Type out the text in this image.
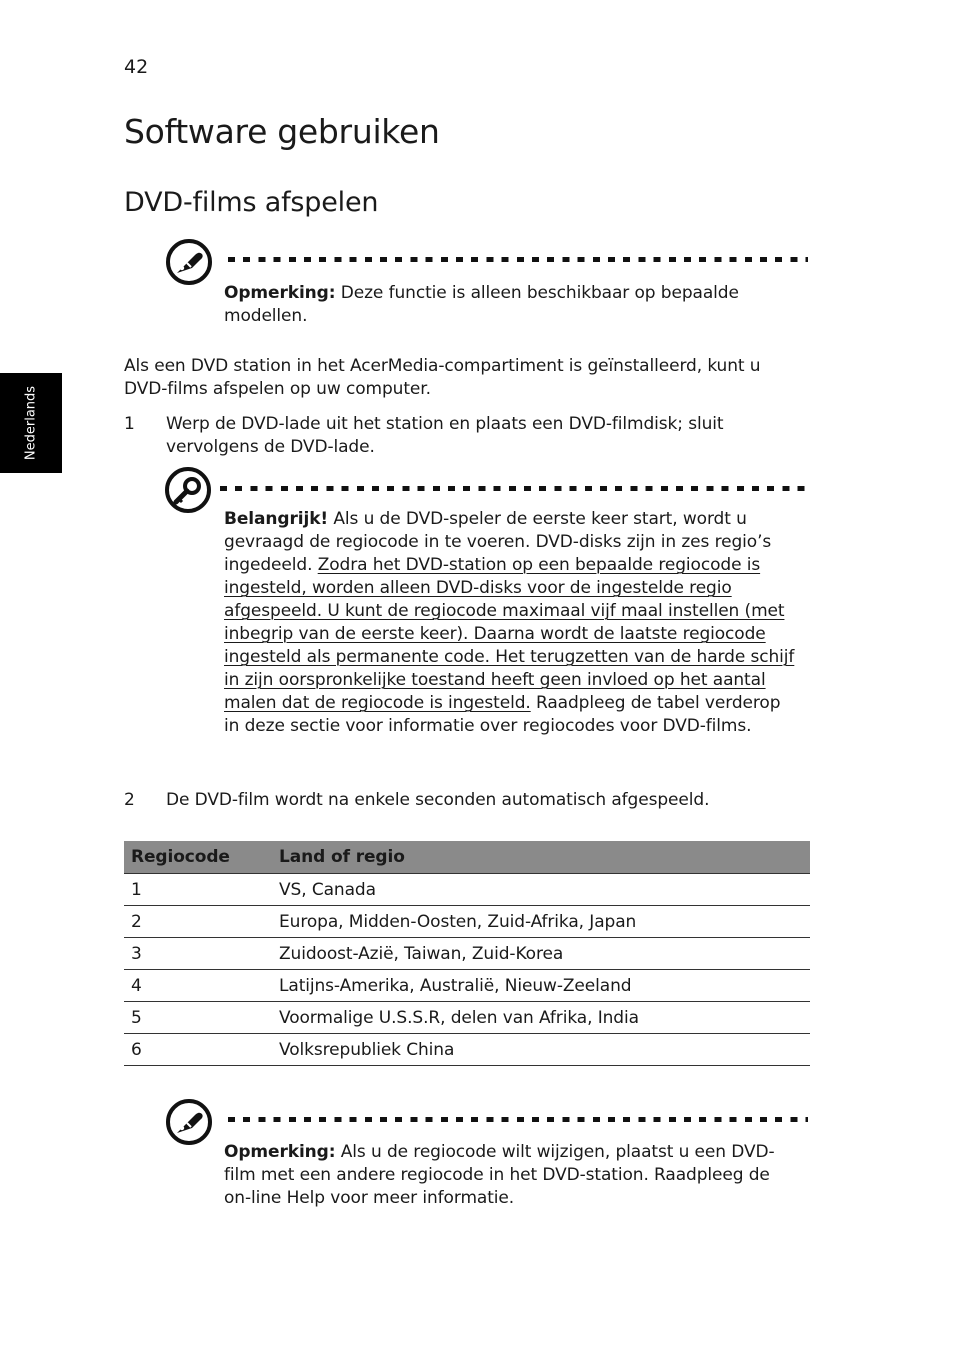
42
Software gebruiken
DVD-films afspelen
Nederlands

Opmerking: Deze functie is alleen beschikbaar op bepaalde modellen.

Als een DVD station in het AcerMedia-compartiment is geïnstalleerd, kunt u DVD-films afspelen op uw computer.

1	Werp de DVD-lade uit het station en plaats een DVD-filmdisk; sluit vervolgens de DVD-lade.

Belangrijk! Als u de DVD-speler de eerste keer start, wordt u gevraagd de regiocode in te voeren. DVD-disks zijn in zes regio’s ingedeeld. Zodra het DVD-station op een bepaalde regiocode is ingesteld, worden alleen DVD-disks voor de ingestelde regio afgespeeld. U kunt de regiocode maximaal vijf maal instellen (met inbegrip van de eerste keer). Daarna wordt de laatste regiocode ingesteld als permanente code. Het terugzetten van de harde schijf in zijn oorspronkelijke toestand heeft geen invloed op het aantal malen dat de regiocode is ingesteld. Raadpleeg de tabel verderop in deze sectie voor informatie over regiocodes voor DVD-films.

2	De DVD-film wordt na enkele seconden automatisch afgespeeld.

Regiocode	Land of regio
1	VS, Canada
2	Europa, Midden-Oosten, Zuid-Afrika, Japan
3	Zuidoost-Azië, Taiwan, Zuid-Korea
4	Latijns-Amerika, Australië, Nieuw-Zeeland
5	Voormalige U.S.S.R, delen van Afrika, India
6	Volksrepubliek China

Opmerking: Als u de regiocode wilt wijzigen, plaatst u een DVD-film met een andere regiocode in het DVD-station. Raadpleeg de on-line Help voor meer informatie.
